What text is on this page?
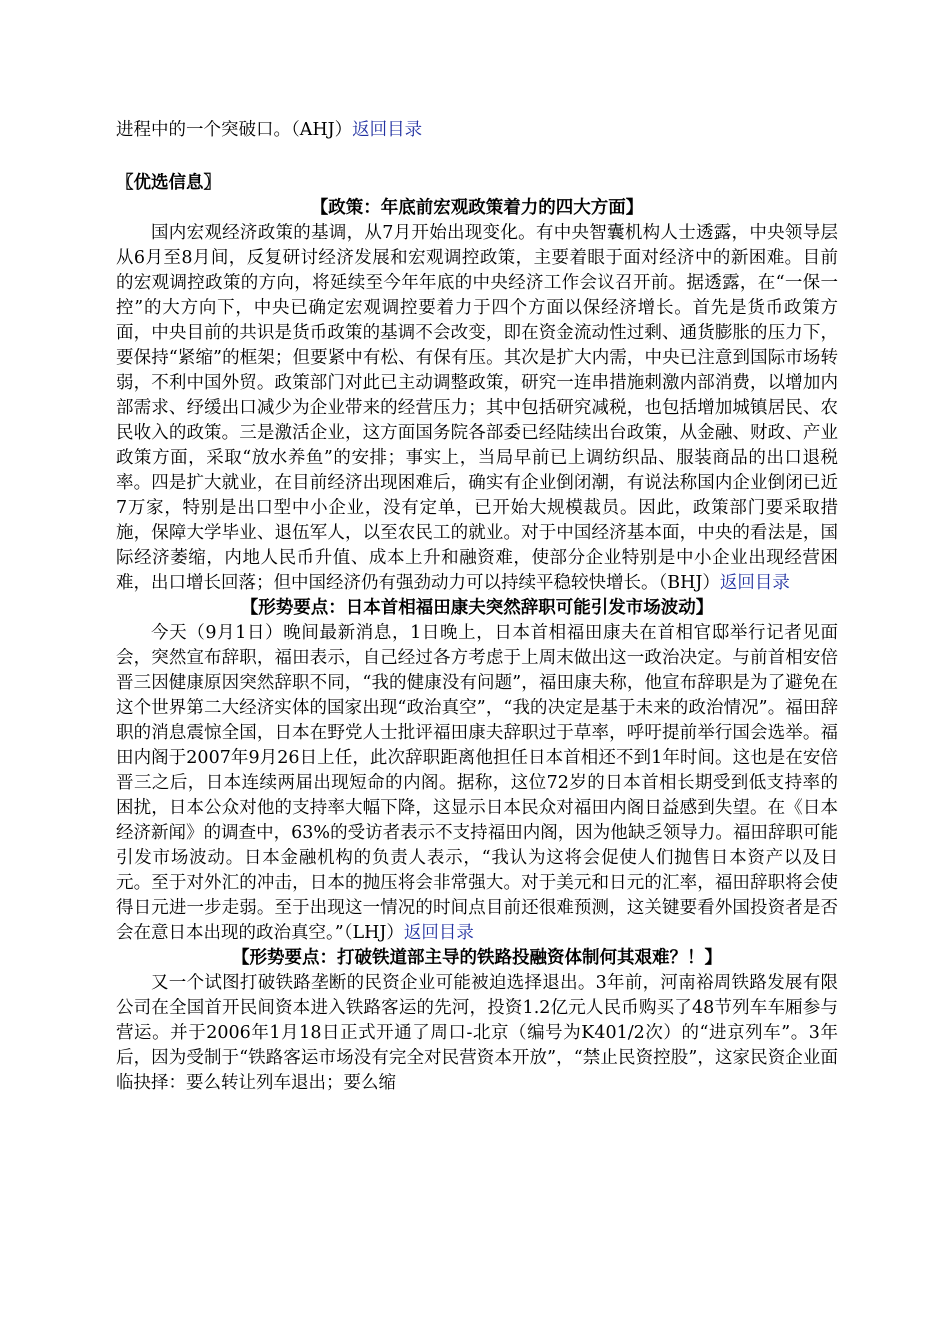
进程中的一个突破口。（AHJ）返回目录

〖优选信息〗

【政策：年底前宏观政策着力的四大方面】

国内宏观经济政策的基调，从7月开始出现变化。有中央智囊机构人士透露，中央领导层从6月至8月间，反复研讨经济发展和宏观调控政策，主要着眼于面对经济中的新困难。目前的宏观调控政策的方向，将延续至今年年底的中央经济工作会议召开前。据透露，在“一保一控”的大方向下，中央已确定宏观调控要着力于四个方面以保经济增长。首先是货币政策方面，中央目前的共识是货币政策的基调不会改变，即在资金流动性过剩、通货膨胀的压力下，要保持“紧缩”的框架；但要紧中有松、有保有压。其次是扩大内需，中央已注意到国际市场转弱，不利中国外贸。政策部门对此已主动调整政策，研究一连串措施刺激内部消费，以增加内部需求、纾缓出口减少为企业带来的经营压力；其中包括研究减税，也包括增加城镇居民、农民收入的政策。三是激活企业，这方面国务院各部委已经陆续出台政策，从金融、财政、产业政策方面，采取“放水养鱼”的安排；事实上，当局早前已上调纺织品、服装商品的出口退税率。四是扩大就业，在目前经济出现困难后，确实有企业倒闭潮，有说法称国内企业倒闭已近7万家，特别是出口型中小企业，没有定单，已开始大规模裁员。因此，政策部门要采取措施，保障大学毕业、退伍军人，以至农民工的就业。对于中国经济基本面，中央的看法是，国际经济萎缩，内地人民币升值、成本上升和融资难，使部分企业特别是中小企业出现经营困难，出口增长回落；但中国经济仍有强劲动力可以持续平稳较快增长。（BHJ）返回目录

【形势要点：日本首相福田康夫突然辞职可能引发市场波动】

今天（9月1日）晚间最新消息，1日晚上，日本首相福田康夫在首相官邸举行记者见面会，突然宣布辞职，福田表示，自己经过各方考虑于上周末做出这一政治决定。与前首相安倍晋三因健康原因突然辞职不同，“我的健康没有问题”，福田康夫称，他宣布辞职是为了避免在这个世界第二大经济实体的国家出现“政治真空”，“我的决定是基于未来的政治情况”。福田辞职的消息震惊全国，日本在野党人士批评福田康夫辞职过于草率，呼吁提前举行国会选举。福田内阁于2007年9月26日上任，此次辞职距离他担任日本首相还不到1年时间。这也是在安倍晋三之后，日本连续两届出现短命的内阁。据称，这位72岁的日本首相长期受到低支持率的困扰，日本公众对他的支持率大幅下降，这显示日本民众对福田内阁日益感到失望。在《日本经济新闻》的调查中，63%的受访者表示不支持福田内阁，因为他缺乏领导力。福田辞职可能引发市场波动。日本金融机构的负责人表示，“我认为这将会促使人们抛售日本资产以及日元。至于对外汇的冲击，日本的抛压将会非常强大。对于美元和日元的汇率，福田辞职将会使得日元进一步走弱。至于出现这一情况的时间点目前还很难预测，这关键要看外国投资者是否会在意日本出现的政治真空。”（LHJ）返回目录

【形势要点：打破铁道部主导的铁路投融资体制何其艰难？！】

又一个试图打破铁路垄断的民资企业可能被迫选择退出。3年前，河南裕周铁路发展有限公司在全国首开民间资本进入铁路客运的先河，投资1.2亿元人民币购买了48节列车车厢参与营运。并于2006年1月18日正式开通了周口-北京（编号为K401/2次）的“进京列车”。3年后，因为受制于“铁路客运市场没有完全对民营资本开放”，“禁止民资控股”，这家民资企业面临抉择：要么转让列车退出；要么缩
